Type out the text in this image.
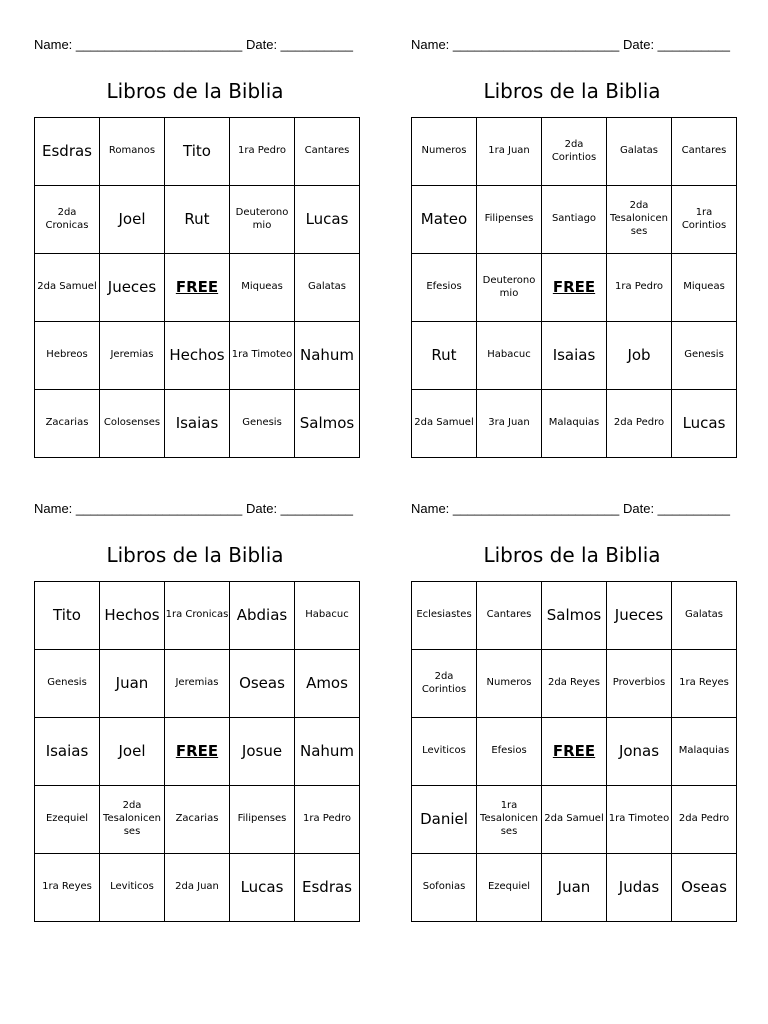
Name: _______________________ Date: __________
Libros de la Biblia
Esdras	Romanos	Tito	1ra Pedro	Cantares
2da Cronicas	Joel	Rut	Deuterono mio	Lucas
2da Samuel	Jueces	FREE	Miqueas	Galatas
Hebreos	Jeremias	Hechos	1ra Timoteo	Nahum
Zacarias	Colosenses	Isaias	Genesis	Salmos
Name: _______________________ Date: __________
Libros de la Biblia
Numeros	1ra Juan	2da Corintios	Galatas	Cantares
Mateo	Filipenses	Santiago	2da Tesalonicen ses	1ra Corintios
Efesios	Deuterono mio	FREE	1ra Pedro	Miqueas
Rut	Habacuc	Isaias	Job	Genesis
2da Samuel	3ra Juan	Malaquias	2da Pedro	Lucas
Name: _______________________ Date: __________
Libros de la Biblia
Tito	Hechos	1ra Cronicas	Abdias	Habacuc
Genesis	Juan	Jeremias	Oseas	Amos
Isaias	Joel	FREE	Josue	Nahum
Ezequiel	2da Tesalonicen ses	Zacarias	Filipenses	1ra Pedro
1ra Reyes	Leviticos	2da Juan	Lucas	Esdras
Name: _______________________ Date: __________
Libros de la Biblia
Eclesiastes	Cantares	Salmos	Jueces	Galatas
2da Corintios	Numeros	2da Reyes	Proverbios	1ra Reyes
Leviticos	Efesios	FREE	Jonas	Malaquias
Daniel	1ra Tesalonicen ses	2da Samuel	1ra Timoteo	2da Pedro
Sofonias	Ezequiel	Juan	Judas	Oseas
